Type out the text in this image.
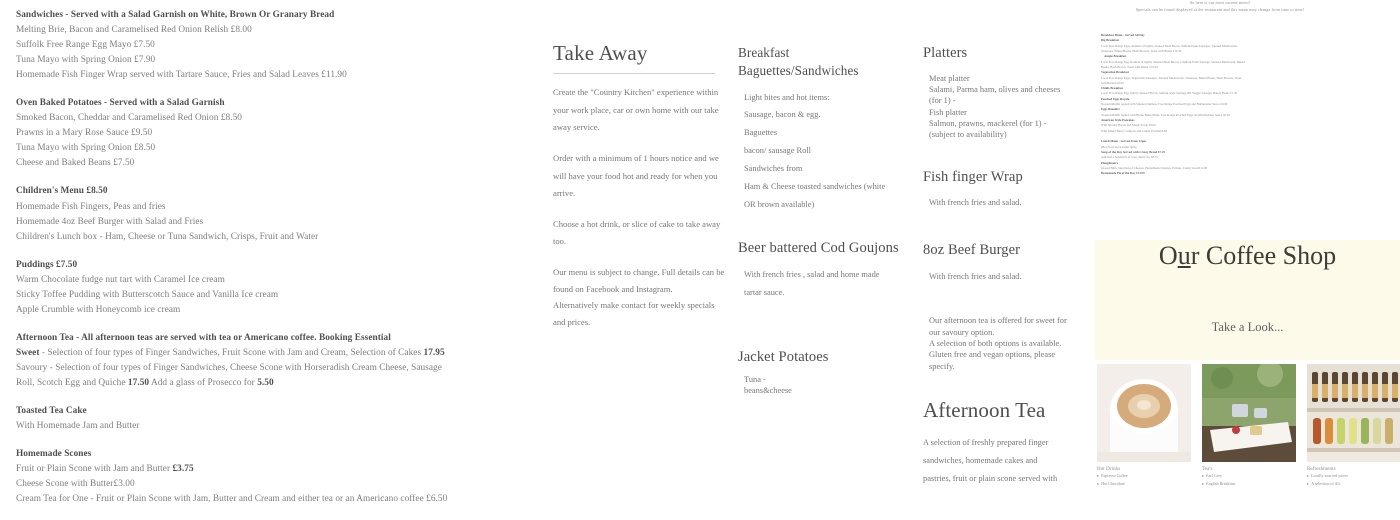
So here is our most current menu!
Specials can be found displayed at the restaurant and this menu may change from time to time!
Sandwiches - Served with a Salad Garnish on White, Brown Or Granary Bread
Melting Brie, Bacon and Caramelised Red Onion Relish £8.00
Suffolk Free Range Egg Mayo £7.50
Tuna Mayo with Spring Onion £7.90
Homemade Fish Finger Wrap served with Tartare Sauce, Fries and Salad Leaves £11.90
Oven Baked Potatoes - Served with a Salad Garnish
Smoked Bacon, Cheddar and Caramelised Red Onion £8.50
Prawns in a Mary Rose Sauce £9.50
Tuna Mayo with Spring Onion £8.50
Cheese and Baked Beans £7.50
Children's Menu £8.50
Homemade Fish Fingers, Peas and fries
Homemade 4oz Beef Burger with Salad and Fries
Children's Lunch box - Ham, Cheese or Tuna Sandwich, Crisps, Fruit and Water
Puddings £7.50
Warm Chocolate fudge nut tart with Caramel Ice cream
Sticky Toffee Pudding with Butterscotch Sauce and Vanilla Ice cream
Apple Crumble with Honeycomb ice cream
Afternoon Tea - All afternoon teas are served with tea or Americano coffee. Booking Essential
Sweet - Selection of four types of Finger Sandwiches, Fruit Scone with Jam and Cream, Selection of Cakes 17.95
Savoury - Selection of four types of Finger Sandwiches, Cheese Scone with Horseradish Cream Cheese, Sausage
Roll, Scotch Egg and Quiche 17.50 Add a glass of Prosecco for 5.50
Toasted Tea Cake
With Homemade Jam and Butter
Homemade Scones
Fruit or Plain Scone with Jam and Butter £3.75
Cheese Scone with Butter£3.00
Cream Tea for One - Fruit or Plain Scone with Jam, Butter and Cream and either tea or an Americano coffee £6.50
Take Away
Create the "Country Kitchen" experience within your work place, car or own home with our take away service.
Order with a minimum of 1 hours notice and we will have your food hot and ready for when you arrive.
Choose a hot drink, or slice of cake to take away too.
Our menu is subject to change. Full details can be found on Facebook and Instagram.
Alternatively make contact for weekly specials and prices.
Breakfast
Baguettes/Sandwiches
Light bites and hot items:
Sausage, bacon & egg.
Baguettes
bacon/ sausage Roll
Sandwiches from
Ham & Cheese toasted sandwiches (white
OR brown available)
Beer battered Cod Goujons
With french fries , salad and home made
tartar sauce.
Jacket Potatoes
Tuna -
beans&cheese
Platters
Meat platter
Salami, Parma ham, olives and cheeses
(for 1) -
Fish platter
Salmon, prawns, mackerel (for 1) -
(subject to availability)
Fish finger Wrap
With french fries and salad.
8oz Beef Burger
With french fries and salad.
Our afternoon tea is offered for sweet for
our savoury option.
A selection of both options is available.
Gluten free and vegan options, please
specify.
Afternoon Tea
A selection of freshly prepared finger
sandwiches, homemade cakes and
pastries, fruit or plain scone served with
Breakfast Menu - Served All Day
Big Breakfast
Local Free Range Eggs, Rashers of lightly smoked Back Bacon, Suffolk Pride Sausages, Sauteed Mushrooms,
Tomatoes, Baked Beans, Hash Browns, Toast with Butter £12.50
Ample Breakfast
Local Free Range Egg, Rashers of lightly smoked Back Bacon, a Suffolk Pride Sausage, Sauteed Mushroom, Baked
Beans, Hash Brown, Toast with Butter £10.95
Vegetarian Breakfast
Local Free Range Eggs, Vegetarian Sausages, Sauteed Mushrooms, Tomatoes, Baked Beans, Hash Browns, Toast
with Butter£10.20
Childs Breakfast
Local Free Range Egg, lightly smoked Bacon, Suffolk pride Sausage OR Veggie Sausage, Baked Beans £7.50
Poached Eggs Royale
Toasted Muffin topped with Smoked Salmon, Free Range Poached Eggs and Hollandaise Sauce £9.00
Eggs Benedict
Toasted Muffin topped with Home Baked Ham, Free Range Poached Eggs and Hollandaise Sauce £8.95
American Style Pancakes
With Streaky Bacon and Maple Syrup £6.90
With Mixed Berry Compote and Crème Fraiche£6.80

Lunch Menu - Served From 12pm
(Hot Food served until 3pm)
Soup of the Day Served with Crusty Bread £7.25
Add half a Sandwich of your choice for £8.75
Ploughman's
Glazed Ham, Selection of Cheeses, Homemade Chutney, Pickles, Crusty bread£12.00
Homemade Pie of the Day £13.95
Our Coffee Shop
Take a Look...
Hot Drinks
▸ Espresso Coffee
▸ Hot Chocolate
Tea's
▸ Earl Grey
▸ English Breakfast
Refreshments
▸ Locally sourced juices
▸ A selection of Alc
